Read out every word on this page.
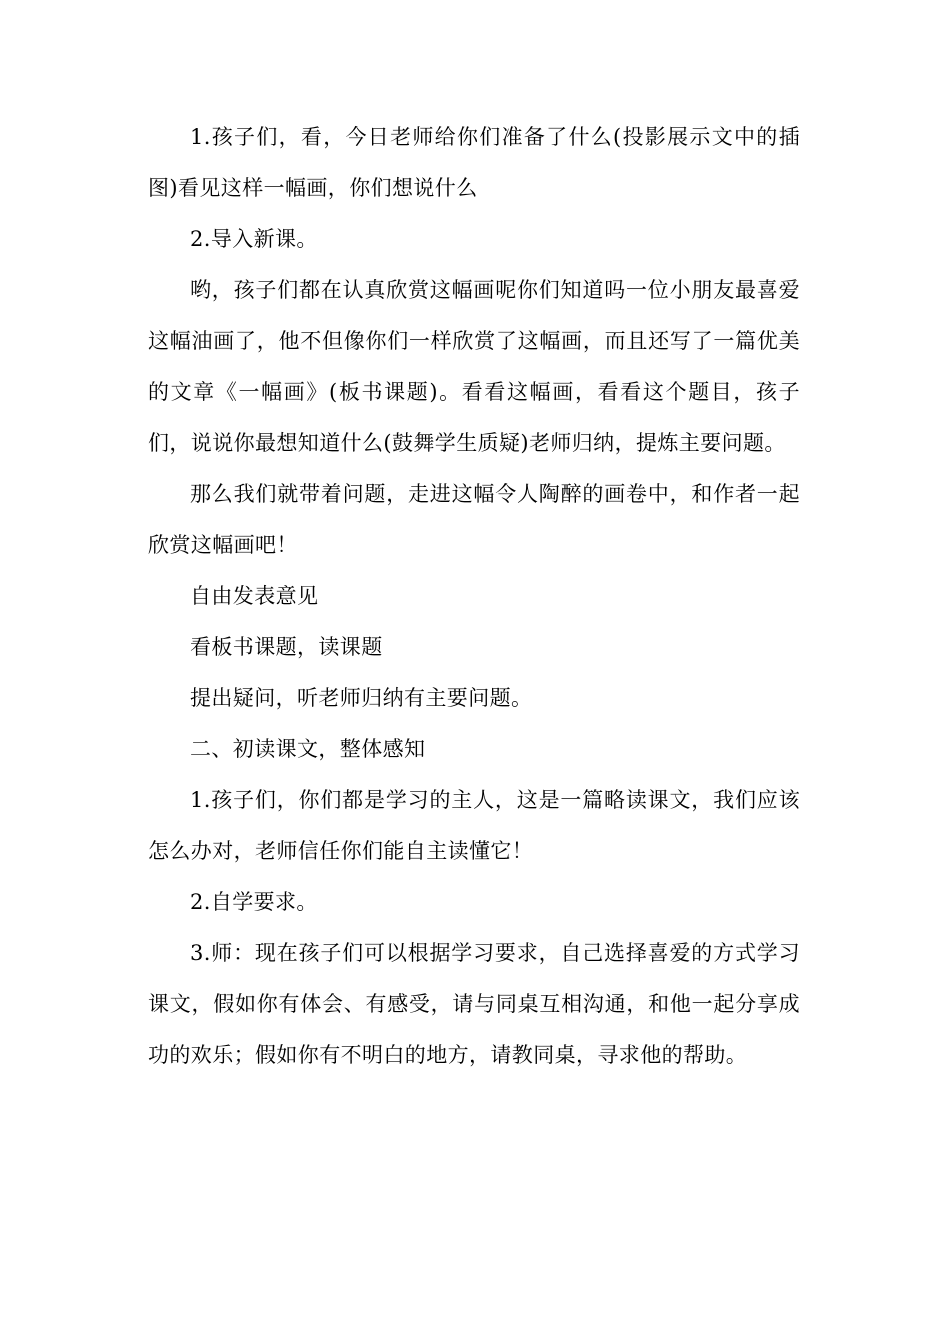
1.孩子们，看，今日老师给你们准备了什么(投影展示文中的插图)看见这样一幅画，你们想说什么

2.导入新课。

哟，孩子们都在认真欣赏这幅画呢你们知道吗一位小朋友最喜爱这幅油画了，他不但像你们一样欣赏了这幅画，而且还写了一篇优美的文章《一幅画》(板书课题)。看看这幅画，看看这个题目，孩子们，说说你最想知道什么(鼓舞学生质疑)老师归纳，提炼主要问题。

那么我们就带着问题，走进这幅令人陶醉的画卷中，和作者一起欣赏这幅画吧！

自由发表意见

看板书课题，读课题

提出疑问，听老师归纳有主要问题。

二、初读课文，整体感知

1.孩子们，你们都是学习的主人，这是一篇略读课文，我们应该怎么办对，老师信任你们能自主读懂它！

2.自学要求。

3.师：现在孩子们可以根据学习要求，自己选择喜爱的方式学习课文，假如你有体会、有感受，请与同桌互相沟通，和他一起分享成功的欢乐；假如你有不明白的地方，请教同桌，寻求他的帮助。
